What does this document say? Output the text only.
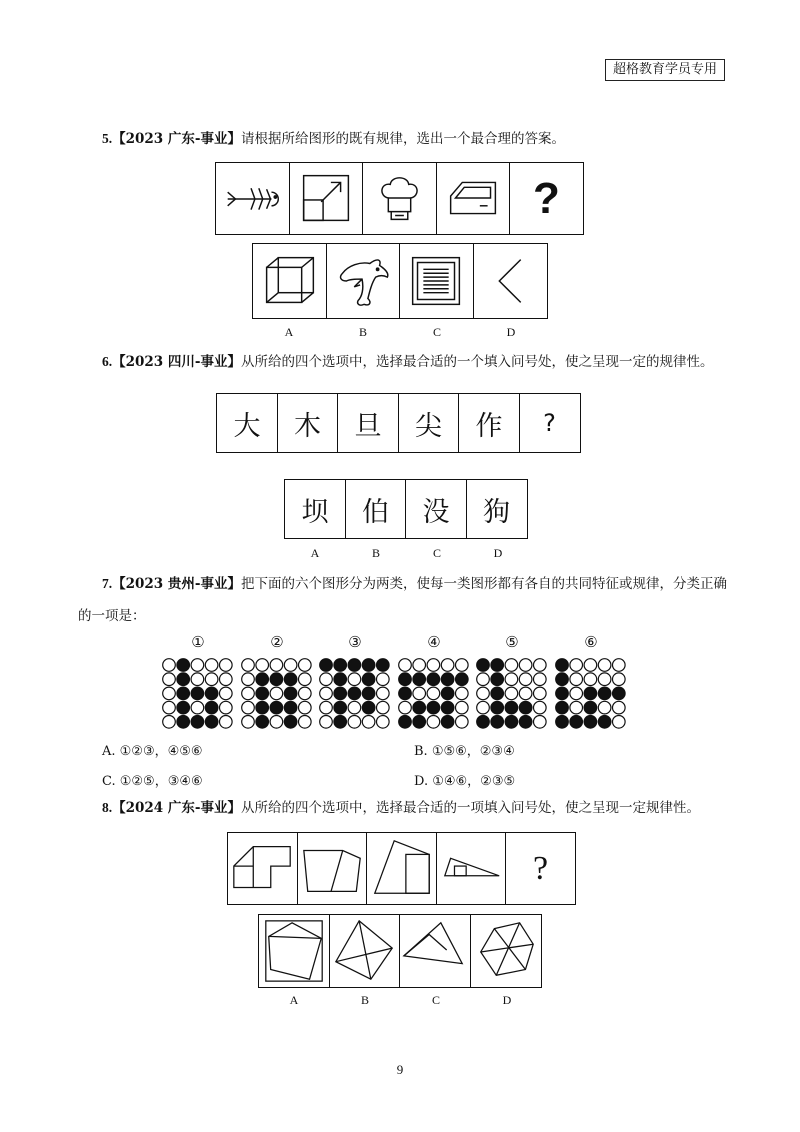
超格教育学员专用
5.【2023 广东-事业】请根据所给图形的既有规律，选出一个最合理的答案。
?
A	B	C	D
6.【2023 四川-事业】从所给的四个选项中，选择最合适的一个填入问号处，使之呈现一定的规律性。
大	木	旦	尖	作	?
坝	伯	没	狗
A	B	C	D
7.【2023 贵州-事业】把下面的六个图形分为两类，使每一类图形都有各自的共同特征或规律，分类正确
的一项是：
①	②	③	④	⑤	⑥
A. ①②③，④⑤⑥	B. ①⑤⑥，②③④
C. ①②⑤，③④⑥	D. ①④⑥，②③⑤
8.【2024 广东-事业】从所给的四个选项中，选择最合适的一项填入问号处，使之呈现一定规律性。
?
A	B	C	D
9
